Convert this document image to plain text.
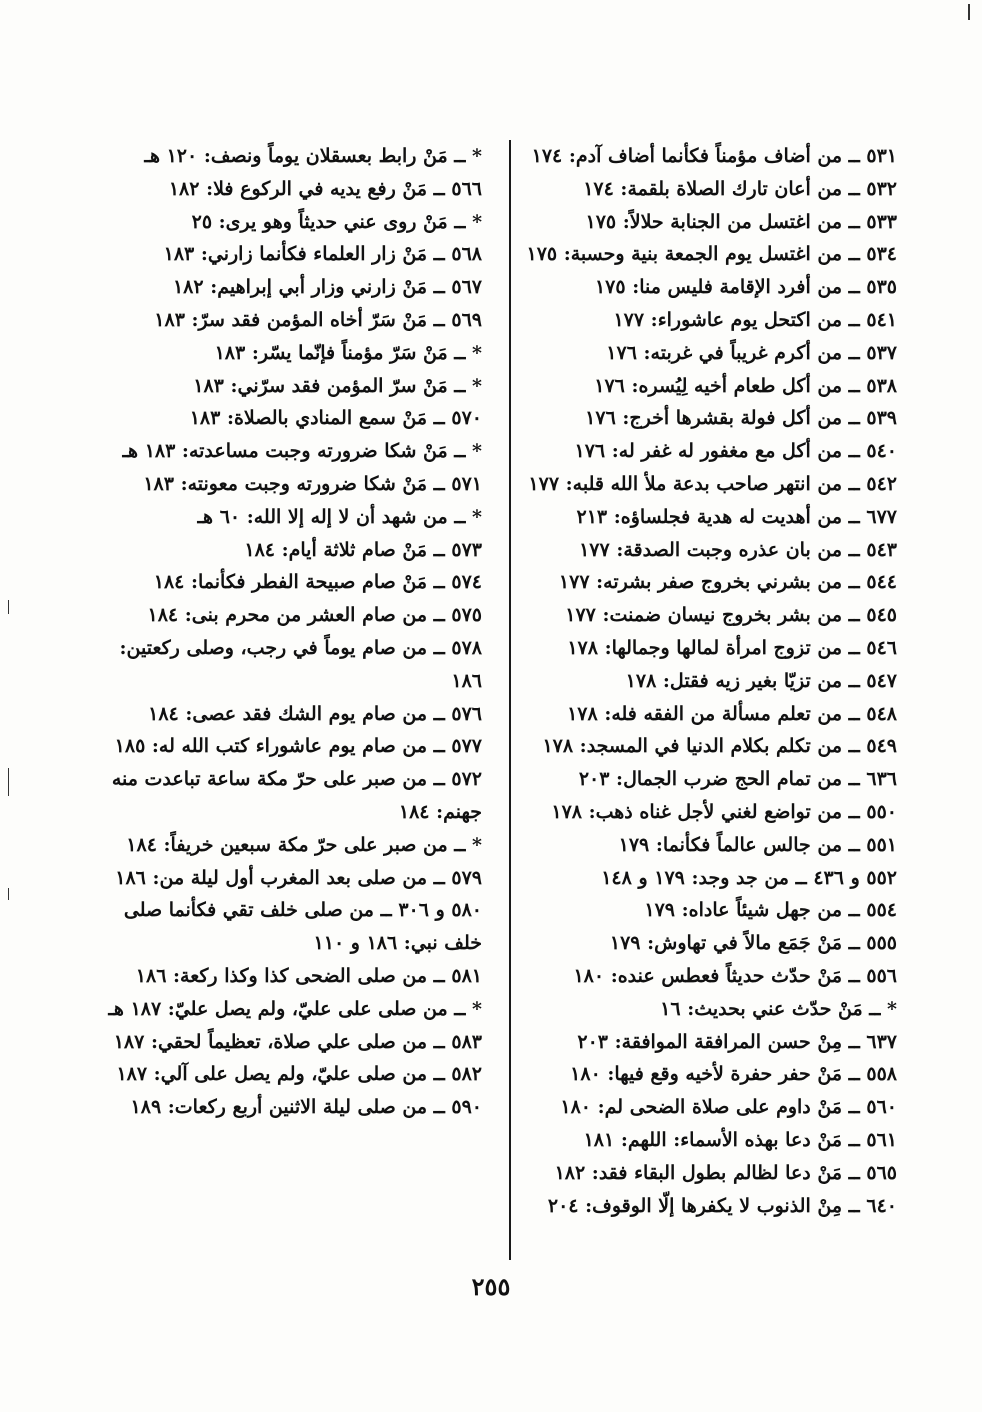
٥٣١ ــ من أضاف مؤمناً فكأنما أضاف آدم: ١٧٤
٥٣٢ ــ من أعان تارك الصلاة بلقمة: ١٧٤
٥٣٣ ــ من اغتسل من الجنابة حلالاً: ١٧٥
٥٣٤ ــ من اغتسل يوم الجمعة بنية وحسبة: ١٧٥
٥٣٥ ــ من أفرد الإقامة فليس منا: ١٧٥
٥٤١ ــ من اكتحل يوم عاشوراء: ١٧٧
٥٣٧ ــ من أكرم غريباً في غربته: ١٧٦
٥٣٨ ــ من أكل طعام أخيه لِيُسره: ١٧٦
٥٣٩ ــ من أكل فولة بقشرها أخرج: ١٧٦
٥٤٠ ــ من أكل مع مغفور له غفر له: ١٧٦
٥٤٢ ــ من انتهر صاحب بدعة ملأ الله قلبه: ١٧٧
٦٧٧ ــ من أهديت له هدية فجلساؤه: ٢١٣
٥٤٣ ــ من بان عذره وجبت الصدقة: ١٧٧
٥٤٤ ــ من بشرني بخروج صفر بشرته: ١٧٧
٥٤٥ ــ من بشر بخروج نيسان ضمنت: ١٧٧
٥٤٦ ــ من تزوج امرأة لمالها وجمالها: ١٧٨
٥٤٧ ــ من تزيّا بغير زيه فقتل: ١٧٨
٥٤٨ ــ من تعلم مسألة من الفقه فله: ١٧٨
٥٤٩ ــ من تكلم بكلام الدنيا في المسجد: ١٧٨
٦٣٦ ــ من تمام الحج ضرب الجمال: ٢٠٣
٥٥٠ ــ من تواضع لغني لأجل غناه ذهب: ١٧٨
٥٥١ ــ من جالس عالماً فكأنما: ١٧٩
٥٥٢ و ٤٣٦ ــ من جد وجد: ١٧٩ و ١٤٨
٥٥٤ ــ من جهل شيئاً عاداه: ١٧٩
٥٥٥ ــ مَنْ جَمَع مالاً في تهاوش: ١٧٩
٥٥٦ ــ مَنْ حدّث حديثاً فعطس عنده: ١٨٠
* ــ مَنْ حدّث عني بحديث: ١٦
٦٣٧ ــ مِنْ حسن المرافقة الموافقة: ٢٠٣
٥٥٨ ــ مَنْ حفر حفرة لأخيه وقع فيها: ١٨٠
٥٦٠ ــ مَنْ داوم على صلاة الضحى لم: ١٨٠
٥٦١ ــ مَنْ دعا بهذه الأسماء: اللهم: ١٨١
٥٦٥ ــ مَنْ دعا لظالم بطول البقاء فقد: ١٨٢
٦٤٠ ــ مِنْ الذنوب لا يكفرها إلّا الوقوف: ٢٠٤
* ــ مَنْ رابط بعسقلان يوماً ونصف: ١٢٠ هـ
٥٦٦ ــ مَنْ رفع يديه في الركوع فلا: ١٨٢
* ــ مَنْ روى عني حديثاً وهو يرى: ٢٥
٥٦٨ ــ مَنْ زار العلماء فكأنما زارني: ١٨٣
٥٦٧ ــ مَنْ زارني وزار أبي إبراهيم: ١٨٢
٥٦٩ ــ مَنْ سَرّ أخاه المؤمن فقد سرّ: ١٨٣
* ــ مَنْ سَرّ مؤمناً فإنّما يسّر: ١٨٣
* ــ مَنْ سرّ المؤمن فقد سرّني: ١٨٣
٥٧٠ ــ مَنْ سمع المنادي بالصلاة: ١٨٣
* ــ مَنْ شكا ضرورته وجبت مساعدته: ١٨٣ هـ
٥٧١ ــ مَنْ شكا ضرورته وجبت معونته: ١٨٣
* ــ من شهد أن لا إله إلا الله: ٦٠ هـ
٥٧٣ ــ مَنْ صام ثلاثة أيام: ١٨٤
٥٧٤ ــ مَنْ صام صبيحة الفطر فكأنما: ١٨٤
٥٧٥ ــ من صام العشر من محرم بنى: ١٨٤
٥٧٨ ــ من صام يوماً في رجب، وصلى ركعتين: ١٨٦
٥٧٦ ــ من صام يوم الشك فقد عصى: ١٨٤
٥٧٧ ــ من صام يوم عاشوراء كتب الله له: ١٨٥
٥٧٢ ــ من صبر على حرّ مكة ساعة تباعدت منه جهنم: ١٨٤
* ــ من صبر على حرّ مكة سبعين خريفاً: ١٨٤
٥٧٩ ــ من صلى بعد المغرب أول ليلة من: ١٨٦
٥٨٠ و ٣٠٦ ــ من صلى خلف تقي فكأنما صلى خلف نبي: ١٨٦ و ١١٠
٥٨١ ــ من صلى الضحى كذا وكذا ركعة: ١٨٦
* ــ من صلى على عليّ، ولم يصل عليّ: ١٨٧ هـ
٥٨٣ ــ من صلى علي صلاة، تعظيماً لحقي: ١٨٧
٥٨٢ ــ من صلى عليّ، ولم يصل على آلي: ١٨٧
٥٩٠ ــ من صلى ليلة الاثنين أربع ركعات: ١٨٩
٢٥٥
